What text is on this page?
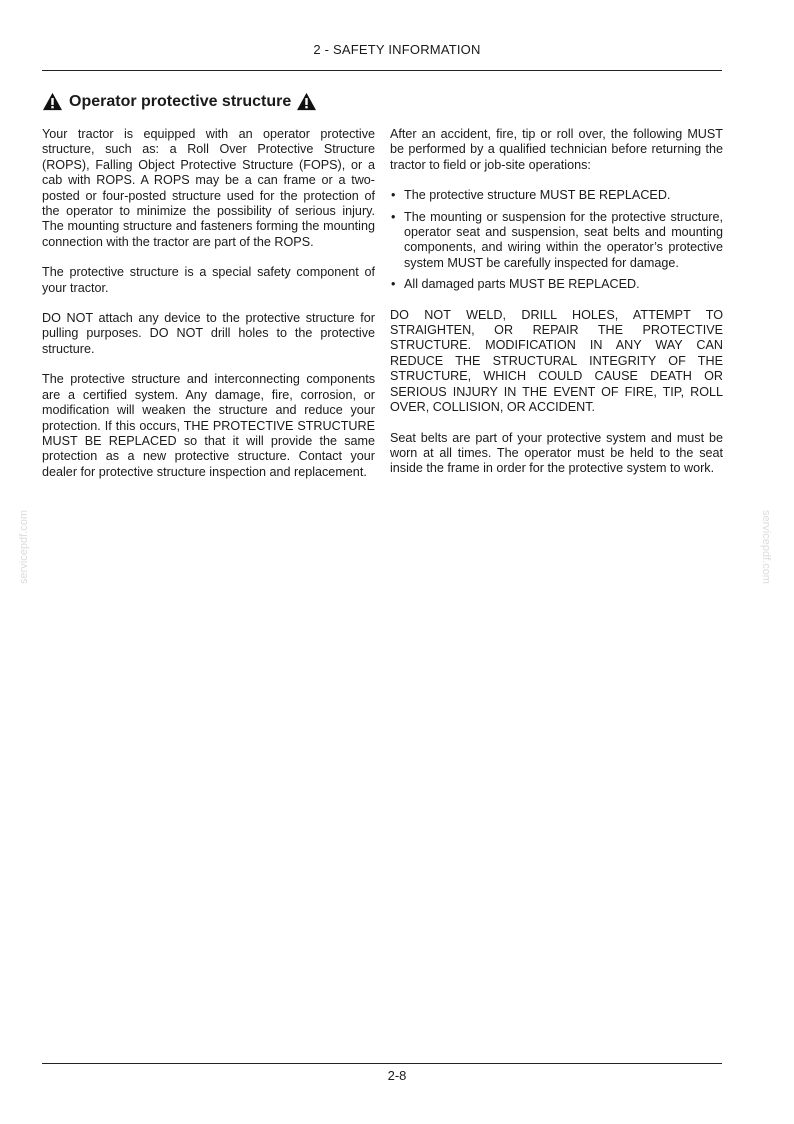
2 - SAFETY INFORMATION
Operator protective structure

Your tractor is equipped with an operator protective structure, such as: a Roll Over Protective Structure (ROPS), Falling Object Protective Structure (FOPS), or a cab with ROPS. A ROPS may be a can frame or a two-posted or four-posted structure used for the protection of the operator to minimize the possibility of serious injury. The mounting structure and fasteners forming the mounting connection with the tractor are part of the ROPS.

The protective structure is a special safety component of your tractor.

DO NOT attach any device to the protective structure for pulling purposes. DO NOT drill holes to the protective structure.

The protective structure and interconnecting components are a certified system. Any damage, fire, corrosion, or modification will weaken the structure and reduce your protection. If this occurs, THE PROTECTIVE STRUCTURE MUST BE REPLACED so that it will provide the same protection as a new protective structure. Contact your dealer for protective structure inspection and replacement.

After an accident, fire, tip or roll over, the following MUST be performed by a qualified technician before returning the tractor to field or job-site operations:

• The protective structure MUST BE REPLACED.
• The mounting or suspension for the protective structure, operator seat and suspension, seat belts and mounting components, and wiring within the operator’s protective system MUST be carefully inspected for damage.
• All damaged parts MUST BE REPLACED.

DO NOT WELD, DRILL HOLES, ATTEMPT TO STRAIGHTEN, OR REPAIR THE PROTECTIVE STRUCTURE. MODIFICATION IN ANY WAY CAN REDUCE THE STRUCTURAL INTEGRITY OF THE STRUCTURE, WHICH COULD CAUSE DEATH OR SERIOUS INJURY IN THE EVENT OF FIRE, TIP, ROLL OVER, COLLISION, OR ACCIDENT.

Seat belts are part of your protective system and must be worn at all times. The operator must be held to the seat inside the frame in order for the protective system to work.

servicepdf.com	servicepdf.com
2-8
